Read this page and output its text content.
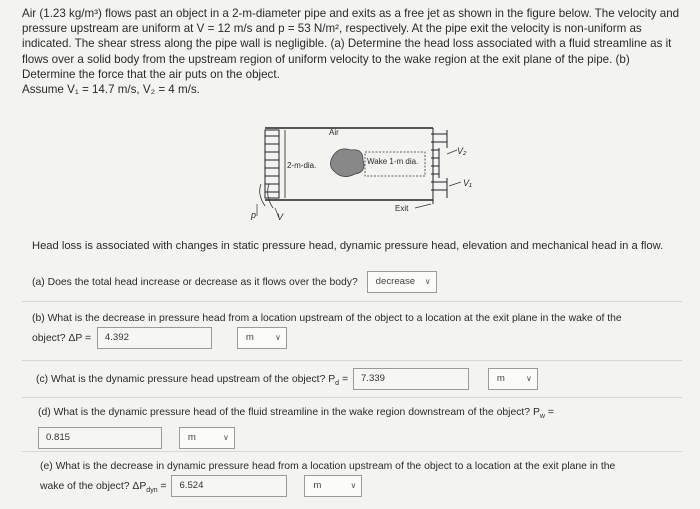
Air (1.23 kg/m³) flows past an object in a 2-m-diameter pipe and exits as a free jet as shown in the figure below. The velocity and

pressure upstream are uniform at V = 12 m/s and p = 53 N/m², respectively. At the pipe exit the velocity is non-uniform as

indicated. The shear stress along the pipe wall is negligible. (a) Determine the head loss associated with a fluid streamline as it

flows over a solid body from the upstream region of uniform velocity to the wake region at the exit plane of the pipe. (b)

Determine the force that the air puts on the object.

Assume V₁ = 14.7 m/s, V₂ = 4 m/s.

Air
2-m-dia.	Wake 1-m dia.
Exit
p V
V₂
V₁
Head loss is associated with changes in static pressure head, dynamic pressure head, elevation and mechanical head in a flow.
(a) Does the total head increase or decrease as it flows over the body? decrease ∨
(b) What is the decrease in pressure head from a location upstream of the object to a location at the exit plane in the wake of the
object? ΔP = 4.392	m	∨
(c) What is the dynamic pressure head upstream of the object? $P_d = 7.339$	m	∨
(d) What is the dynamic pressure head of the fluid streamline in the wake region downstream of the object? $P_w$ =
0.815	m	∨
(e) What is the decrease in dynamic pressure head from a location upstream of the object to a location at the exit plane in the
wake of the object? $\Delta P_{dyn} = 6.524$	m	∨
